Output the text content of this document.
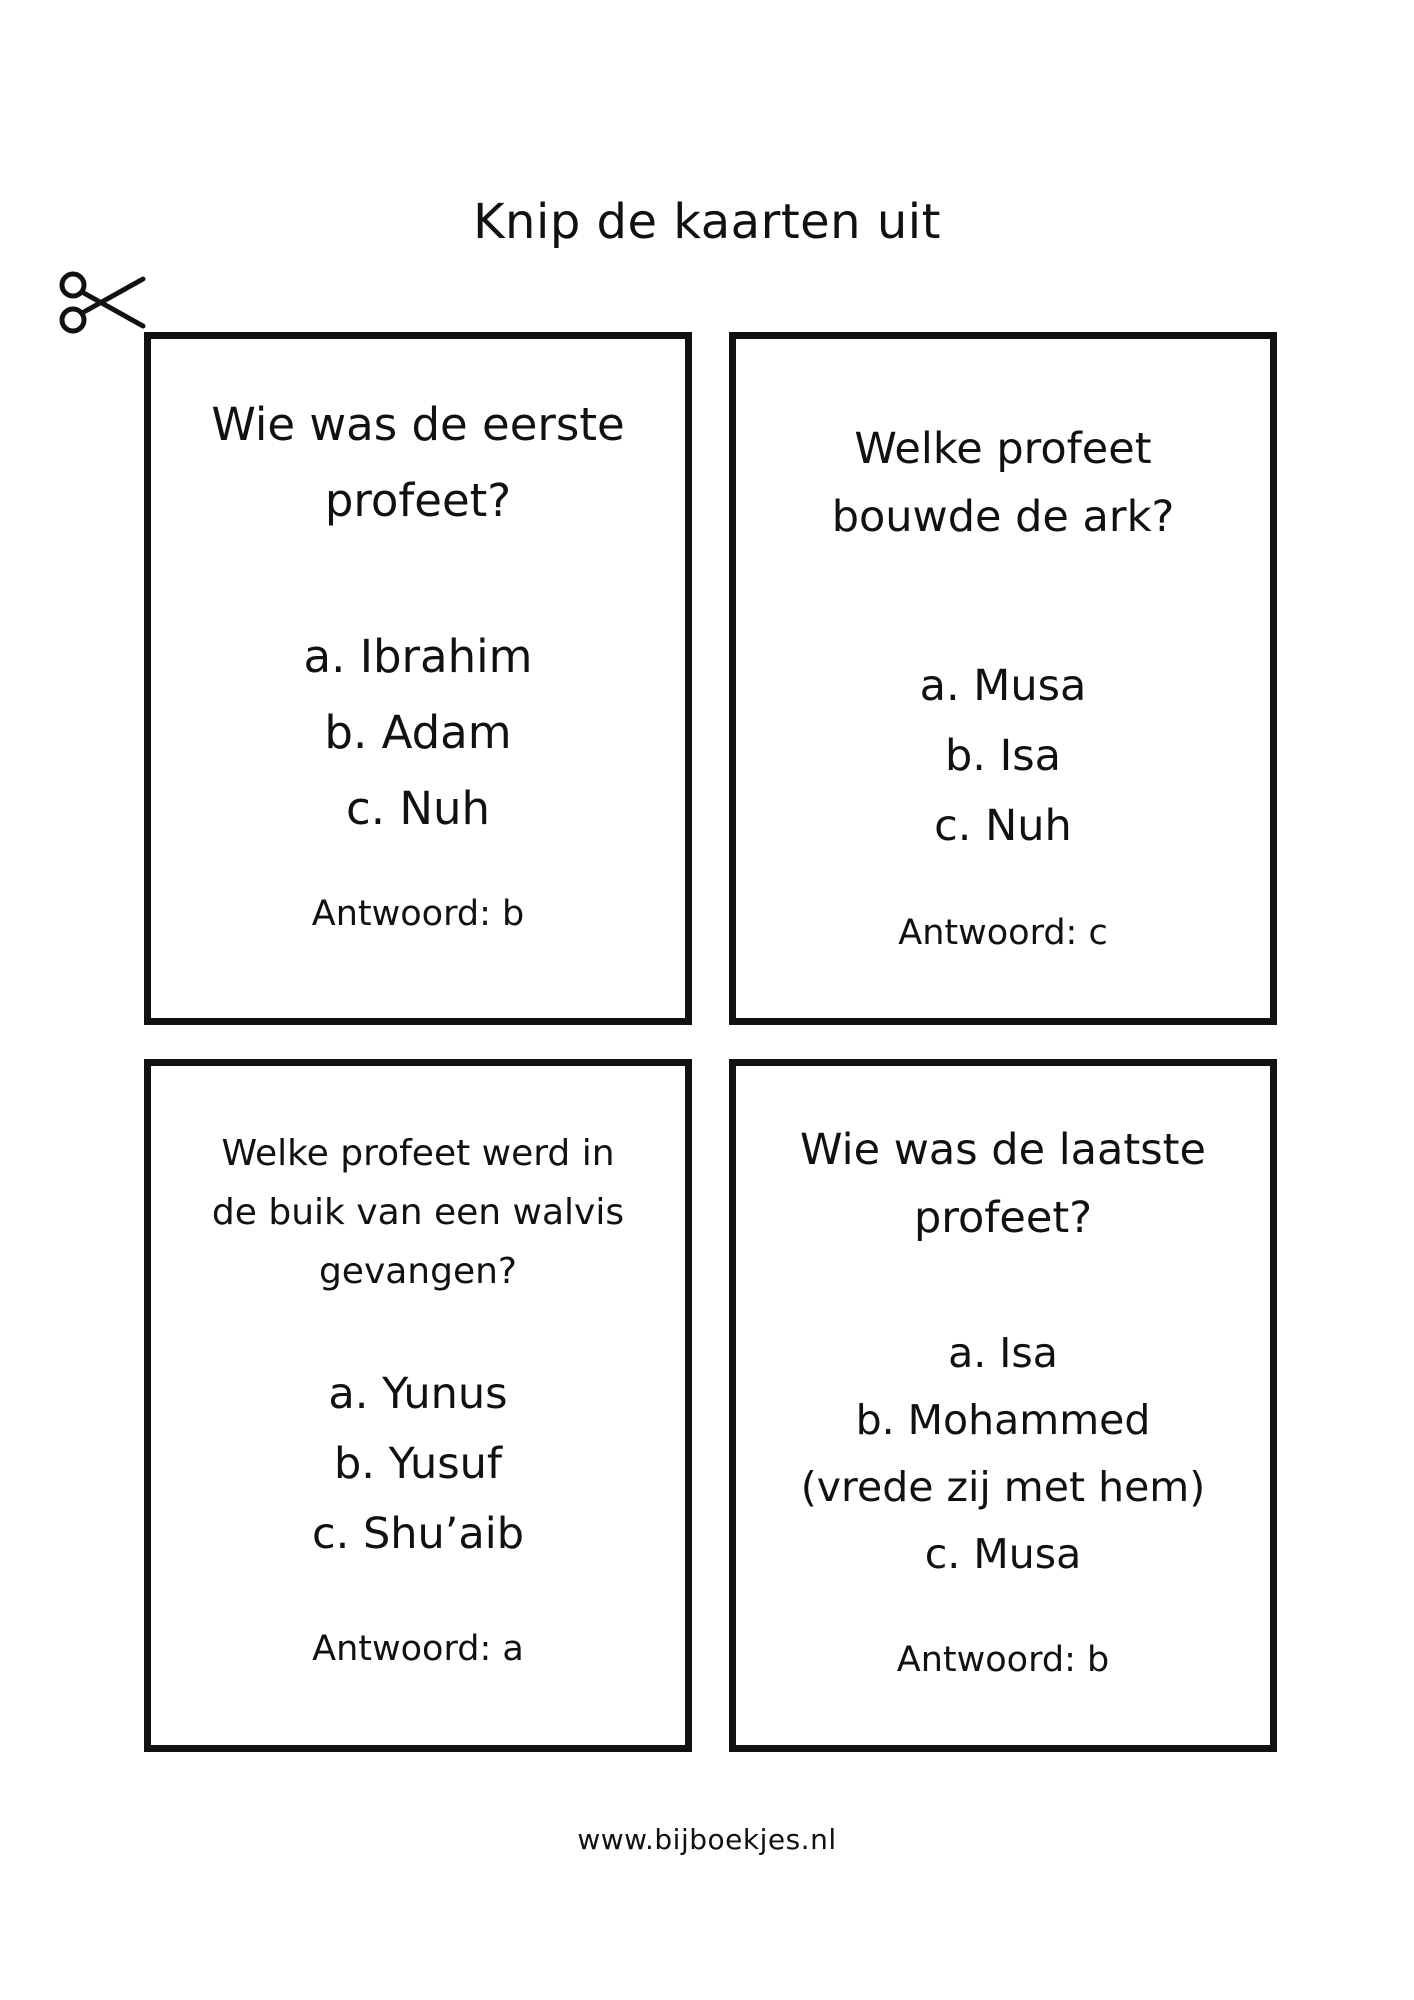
Knip de kaarten uit

Wie was de eerste
profeet?

a. Ibrahim
b. Adam
c. Nuh

Antwoord: b

Welke profeet
bouwde de ark?

a. Musa
b. Isa
c. Nuh

Antwoord: c

Welke profeet werd in
de buik van een walvis
gevangen?

a. Yunus
b. Yusuf
c. Shu’aib

Antwoord: a

Wie was de laatste
profeet?

a. Isa
b. Mohammed
(vrede zij met hem)
c. Musa

Antwoord: b

www.bijboekjes.nl
